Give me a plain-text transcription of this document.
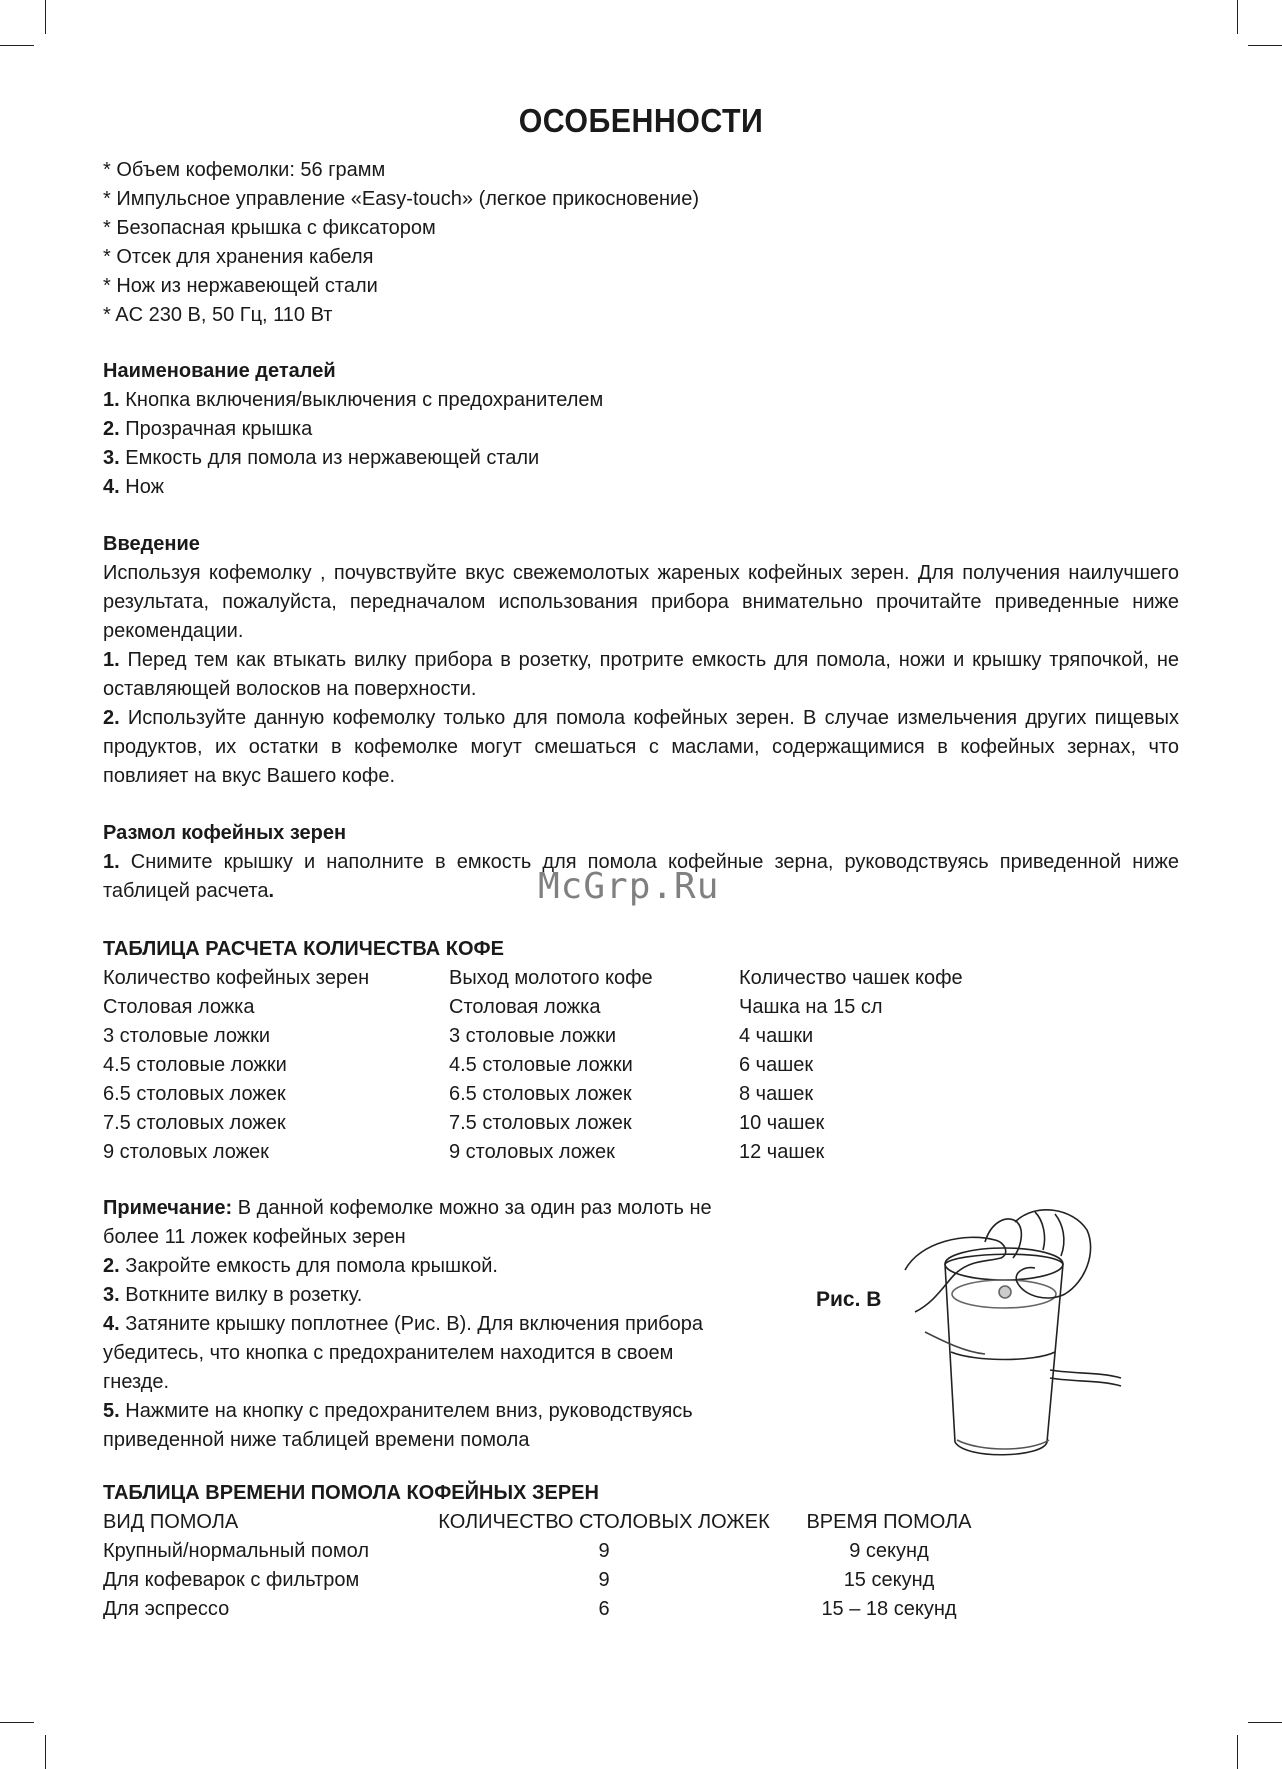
ОСОБЕННОСТИ

* Объем кофемолки: 56 грамм

* Импульсное управление «Easy-touch» (легкое прикосновение)

* Безопасная крышка с фиксатором

* Отсек для хранения кабеля

* Нож из нержавеющей стали

* AC 230 В, 50 Гц, 110 Вт

Наименование деталей

1. Кнопка включения/выключения с предохранителем

2. Прозрачная крышка

3. Емкость для помола из нержавеющей стали

4. Нож

Введение

Используя кофемолку , почувствуйте вкус свежемолотых жареных кофейных зерен. Для получения наилучшего результата, пожалуйста, передначалом использования прибора внимательно прочитайте приведенные ниже рекомендации.

1. Перед тем как втыкать вилку прибора в розетку, протрите емкость для помола, ножи и крышку тряпочкой, не оставляющей волосков на поверхности.

2. Используйте данную кофемолку только для помола кофейных зерен. В случае измельчения других пищевых продуктов, их остатки в кофемолке могут смешаться с маслами, содержащимися в кофейных зернах, что повлияет на вкус Вашего кофе.

Размол кофейных зерен

1. Снимите крышку и наполните в емкость для помола кофейные зерна, руководствуясь приведенной ниже таблицей расчета.	McGrp.Ru

ТАБЛИЦА РАСЧЕТА КОЛИЧЕСТВА КОФЕ

Количество кофейных зерен	Выход молотого кофе	Количество чашек кофе
Столовая ложка	Столовая ложка	Чашка на 15 сл
3 столовые ложки	3 столовые ложки	4 чашки
4.5 столовые ложки	4.5 столовые ложки	6 чашек
6.5 столовых ложек	6.5 столовых ложек	8 чашек
7.5 столовых ложек	7.5 столовых ложек	10 чашек
9 столовых ложек	9 столовых ложек	12 чашек

Примечание: В данной кофемолке можно за один раз молоть не более 11 ложек кофейных зерен

2. Закройте емкость для помола крышкой.

3. Воткните вилку в розетку.

4. Затяните крышку поплотнее (Рис. В). Для включения прибора убедитесь, что кнопка с предохранителем находится в своем гнезде.

5. Нажмите на кнопку с предохранителем вниз, руководствуясь приведенной ниже таблицей времени помола

Рис. В

ТАБЛИЦА ВРЕМЕНИ ПОМОЛА КОФЕЙНЫХ ЗЕРЕН

ВИД ПОМОЛА	КОЛИЧЕСТВО СТОЛОВЫХ ЛОЖЕК	ВРЕМЯ ПОМОЛА
Крупный/нормальный помол	9	9 секунд
Для кофеварок с фильтром	9	15 секунд
Для эспрессо	6	15 – 18 секунд
